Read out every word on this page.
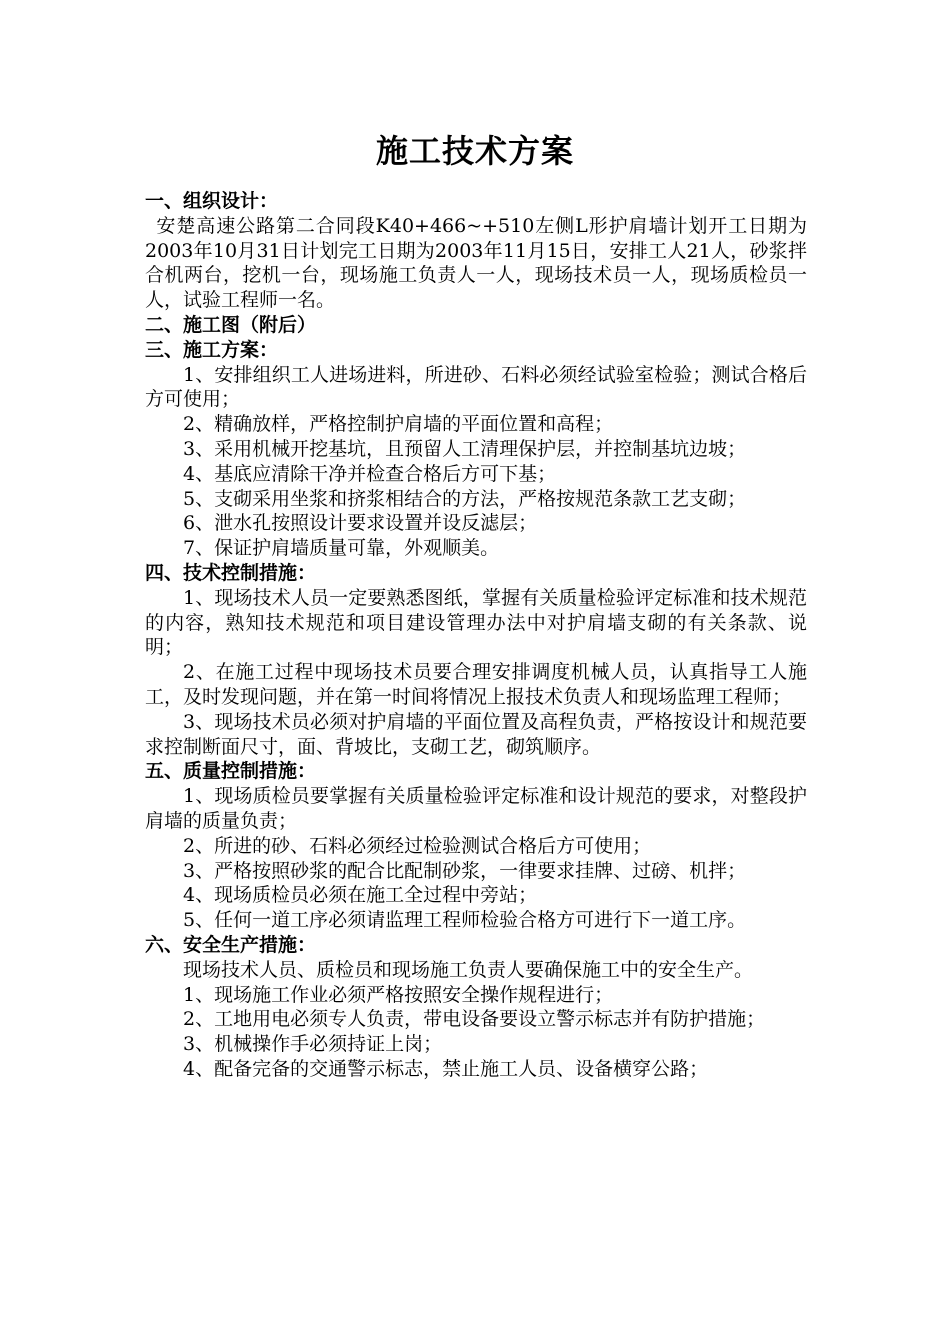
施工技术方案

一、组织设计：

安楚高速公路第二合同段K40+466~+510左侧L形护肩墙计划开工日期为2003年10月31日计划完工日期为2003年11月15日，安排工人21人，砂浆拌合机两台，挖机一台，现场施工负责人一人，现场技术员一人，现场质检员一人，试验工程师一名。

二、施工图（附后）

三、施工方案：

1、安排组织工人进场进料，所进砂、石料必须经试验室检验；测试合格后方可使用；

2、精确放样，严格控制护肩墙的平面位置和高程；

3、采用机械开挖基坑，且预留人工清理保护层，并控制基坑边坡；

4、基底应清除干净并检查合格后方可下基；

5、支砌采用坐浆和挤浆相结合的方法，严格按规范条款工艺支砌；

6、泄水孔按照设计要求设置并设反滤层；

7、保证护肩墙质量可靠，外观顺美。

四、技术控制措施：

1、现场技术人员一定要熟悉图纸，掌握有关质量检验评定标准和技术规范的内容，熟知技术规范和项目建设管理办法中对护肩墙支砌的有关条款、说明；

2、在施工过程中现场技术员要合理安排调度机械人员，认真指导工人施工，及时发现问题，并在第一时间将情况上报技术负责人和现场监理工程师；

3、现场技术员必须对护肩墙的平面位置及高程负责，严格按设计和规范要求控制断面尺寸，面、背坡比，支砌工艺，砌筑顺序。

五、质量控制措施：

1、现场质检员要掌握有关质量检验评定标准和设计规范的要求，对整段护肩墙的质量负责；

2、所进的砂、石料必须经过检验测试合格后方可使用；

3、严格按照砂浆的配合比配制砂浆，一律要求挂牌、过磅、机拌；

4、现场质检员必须在施工全过程中旁站；

5、任何一道工序必须请监理工程师检验合格方可进行下一道工序。

六、安全生产措施：

现场技术人员、质检员和现场施工负责人要确保施工中的安全生产。

1、现场施工作业必须严格按照安全操作规程进行；

2、工地用电必须专人负责，带电设备要设立警示标志并有防护措施；

3、机械操作手必须持证上岗；

4、配备完备的交通警示标志，禁止施工人员、设备横穿公路；
